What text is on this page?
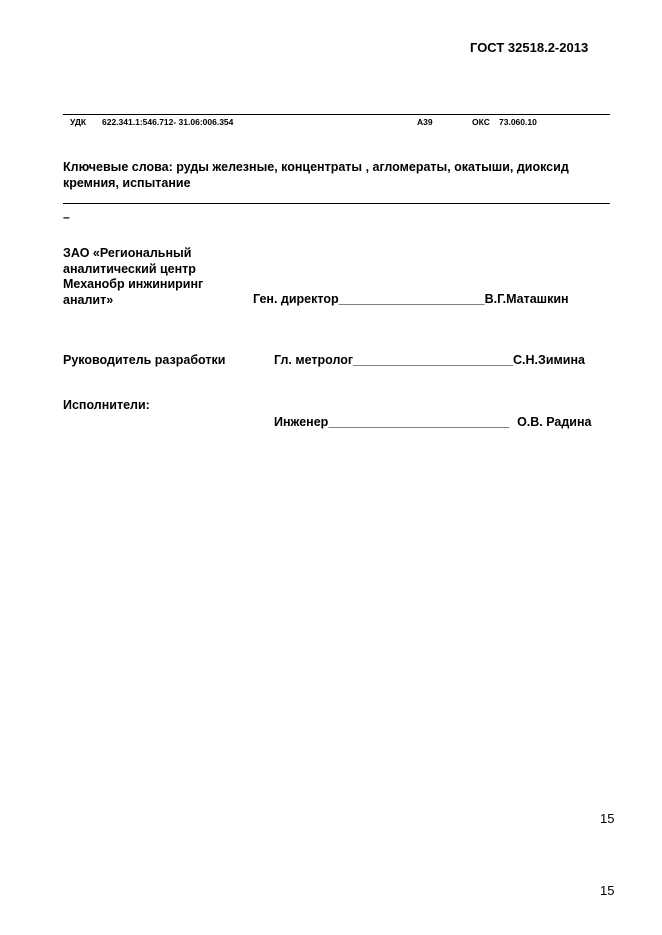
ГОСТ 32518.2-2013
УДК 622.341.1:546.712- 31.06:006.354	А39	ОКС 73.060.10
Ключевые слова: руды железные, концентраты , агломераты, окатыши, диоксид кремния, испытание
–
ЗАО «Региональный аналитический центр Механобр инжиниринг аналит»	Ген. директор_____________________В.Г.Маташкин
Руководитель разработки	Гл. метролог_______________________С.Н.Зимина
Исполнители:
Инженер__________________________ О.В. Радина
15
15
